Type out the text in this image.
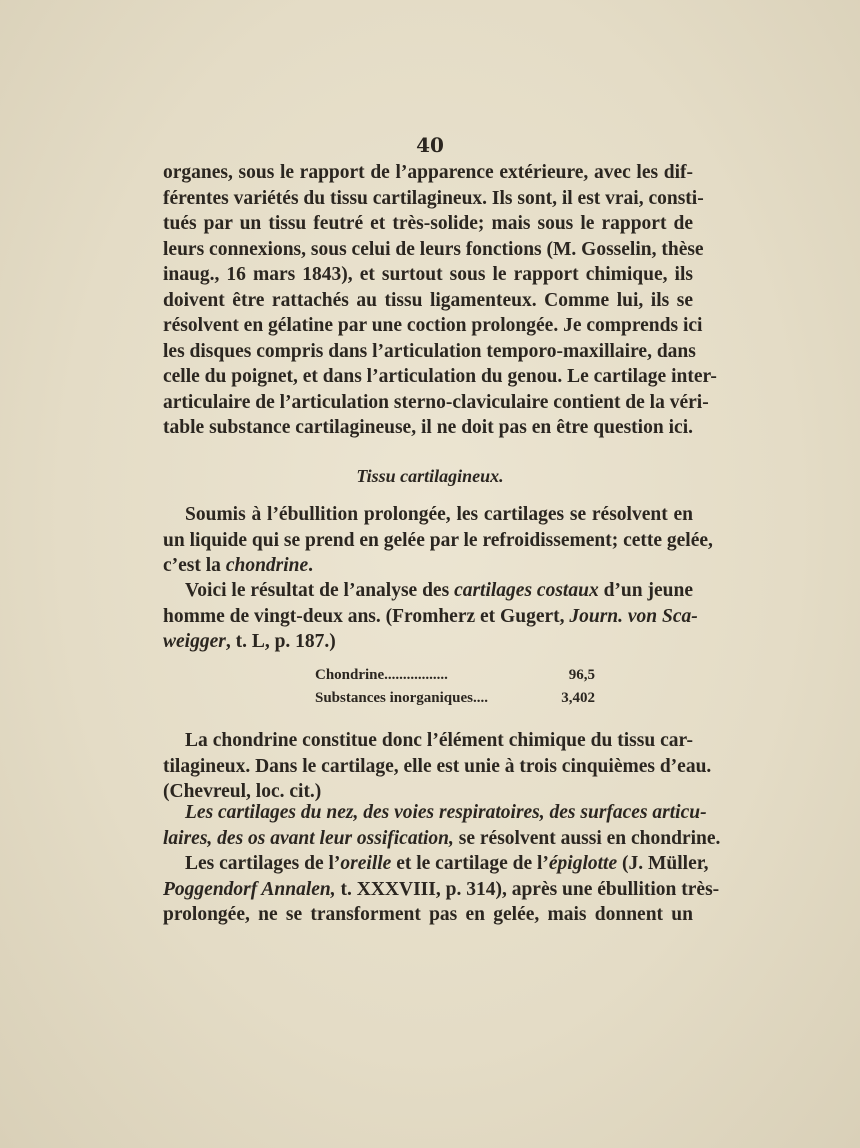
40
organes, sous le rapport de l’apparence extérieure, avec les dif-
férentes variétés du tissu cartilagineux. Ils sont, il est vrai, consti-
tués par un tissu feutré et très-solide; mais sous le rapport de
leurs connexions, sous celui de leurs fonctions (M. Gosselin, thèse
inaug., 16 mars 1843), et surtout sous le rapport chimique, ils
doivent être rattachés au tissu ligamenteux. Comme lui, ils se
résolvent en gélatine par une coction prolongée. Je comprends ici
les disques compris dans l’articulation temporo-maxillaire, dans
celle du poignet, et dans l’articulation du genou. Le cartilage inter-
articulaire de l’articulation sterno-claviculaire contient de la véri-
table substance cartilagineuse, il ne doit pas en être question ici.
Tissu cartilagineux.
Soumis à l’ébullition prolongée, les cartilages se résolvent en
un liquide qui se prend en gelée par le refroidissement; cette gelée,
c’est la chondrine.
Voici le résultat de l’analyse des cartilages costaux d’un jeune
homme de vingt-deux ans. (Fromherz et Gugert, Journ. von Sca-
weigger, t. L, p. 187.)
Chondrine.................	96,5
Substances inorganiques....	3,402
La chondrine constitue donc l’élément chimique du tissu car-
tilagineux. Dans le cartilage, elle est unie à trois cinquièmes d’eau.
(Chevreul, loc. cit.)
Les cartilages du nez, des voies respiratoires, des surfaces articu-
laires, des os avant leur ossification, se résolvent aussi en chondrine.
Les cartilages de l’oreille et le cartilage de l’épiglotte (J. Müller,
Poggendorf Annalen, t. XXXVIII, p. 314), après une ébullition très-
prolongée, ne se transforment pas en gelée, mais donnent un
